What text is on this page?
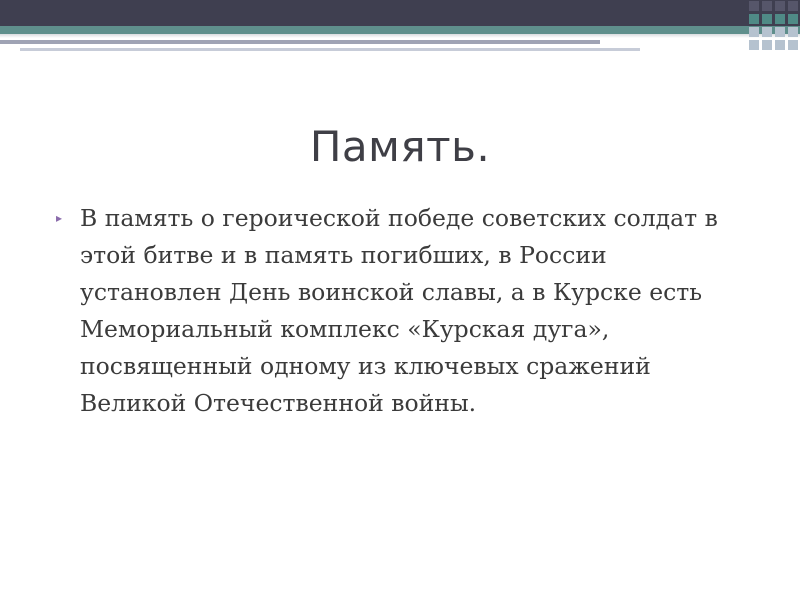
Память.
▸ В память о героической победе советских солдат в этой битве и в память погибших, в России установлен День воинской славы, а в Курске есть Мемориальный комплекс «Курская дуга», посвященный одному из ключевых сражений Великой Отечественной войны.
